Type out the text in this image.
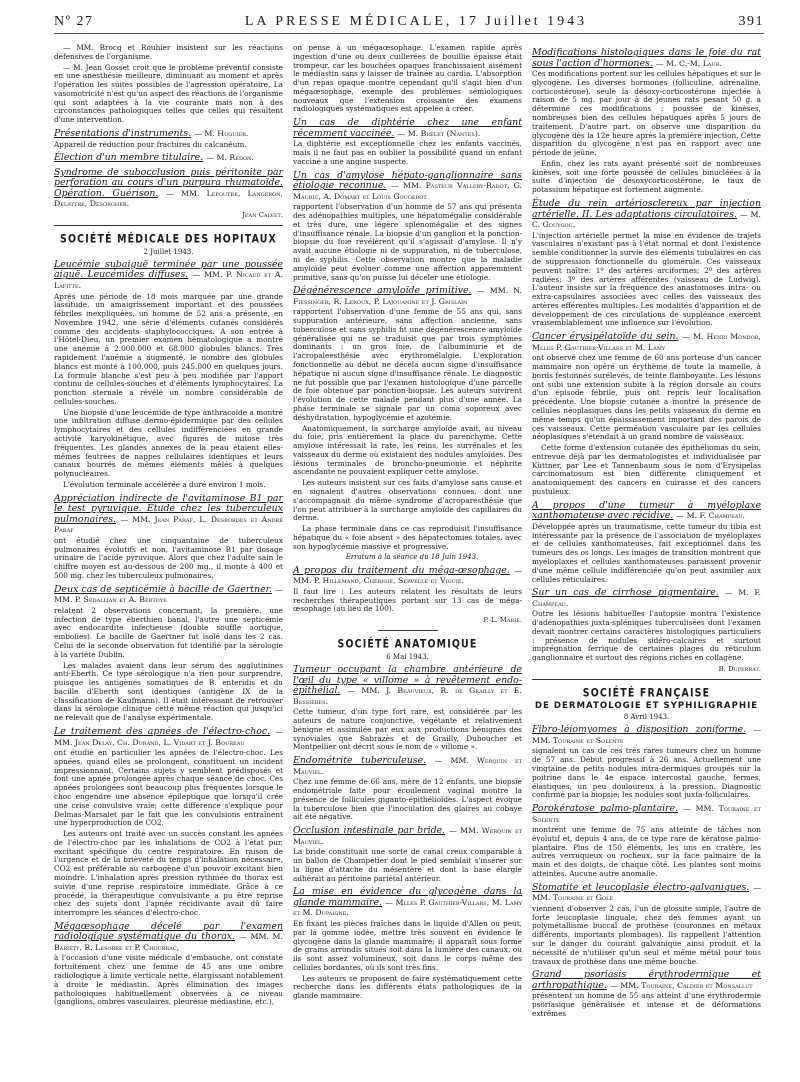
Nº 27	LA PRESSE MÉDICALE, 17 Juillet 1943	391

— MM. Brocq et Rouhier insistent sur les réactions défensives de l'organisme.

— M. Jean Gosset croit que le problème préventif consiste en une anesthésie meilleure, diminuant au moment et après l'opération les suites possibles de l'agression opératoire. La vasomotricité n'est qu'un aspect des réactions de l'organisme qui sont adaptées à la vie courante mais non à des circonstances pathologiques telles que celles qui résultent d'une intervention.

Présentations d'instruments. — M. Huguier.

Appareil de réduction pour fractures du calcanéum.

Élection d'un membre titulaire. — M. Redon.

Syndrome de subocclusion puis péritonite par perforation au cours d'un purpura rhumatoïde. Opération. Guérison. — MM. Lepoutre, Langeron, Delattre, Desorgher.

Jean Calvet.

SOCIÉTÉ MÉDICALE DES HOPITAUX
2 Juillet 1943.

Leucémie subaiguë terminée par une poussée aiguë. Leucémides diffuses. — MM. P. Nicaud et A. Lafitte.

Après une période de 18 mois marquée par une grande lassitude, un amaigrissement important et des poussées fébriles inexpliquées, un homme de 52 ans a présenté, en Novembre 1942, une série d'éléments cutanés considérés comme des accidents staphylococciques. A son entrée à l'Hôtel-Dieu, un premier examen hématologique a montré une anémie à 2.000.000 et 68.000 globules blancs. Très rapidement l'anémie a augmenté, le nombre des globules blancs est monté à 100.000, puis 245.000 en quelques jours. La formule blanche s'est peu à peu modifiée par l'apport continu de cellules-souches et d'éléments lymphocytaires. La ponction sternale a révélé un nombre considérable de cellules-souches.

Une biopsie d'une leucémide de type anthracoïde a montré une infiltration diffuse dermo-épidermique par des cellules lymphocytaires et des cellules indifférenciées en grande activité karyokinétique, avec figures de mitose très fréquentes. Les glandes annexes de la peau étaient elles-mêmes feutrées de nappes cellulaires identiques et leurs canaux bourrés de mêmes éléments mêlés à quelques polynucléaires.

L'évolution terminale accélérée a duré environ 1 mois.

Appréciation indirecte de l'avitaminose B1 par le test pyruvique. Étude chez les tuberculeux pulmonaires. — MM. Jean Paraf, L. Desbordes et André Paraf

ont étudié chez une cinquantaine de tuberculeux pulmonaires évolutifs et non, l'avitaminose B1 par dosage urinaire de l'acide pyruvique. Alors que chez l'adulte sain le chiffre moyen est au-dessous de 200 mg., il monte à 400 et 500 mg. chez les tuberculeux pulmonaires.

Deux cas de septicémie à bacille de Gaertner. — MM. P. Sédallian et A. Bertoye

relatent 2 observations concernant, la première, une infection de type éberthien banal, l'autre une septicémie avec endocardite infectieuse (double souffle aortique, embolies). Le bacille de Gaertner fut isolé dans les 2 cas. Celui de la seconde observation fut identifié par la sérologie à la variété Dublin.

Les malades avaient dans leur sérum des agglutinines anti-Eberth. Ce type sérologique n'a rien pour surprendre, puisque les antigènes somatiques de B. enteridis et du bacille d'Eberth sont identiques (antigène IX de la classification de Kaufmann). Il était intéressant de retrouver dans la sérologie clinique cette même réaction qui jusqu'ici ne relevait que de l'analyse expérimentale.

Le traitement des apnées de l'électro-choc. — MM. Jean Delay, Ch. Durand, L. Vidart et J. Boureau

ont étudié en particulier les apnées de l'électro-choc. Les apnées, quand elles se prolongent, constituent un incident impressionnant. Certains sujets y semblent prédisposés et font une apnée prolongée après chaque séance de choc. Ces apnées prolongées sont beaucoup plus fréquentes lorsque le choc engendre une absence épileptique que lorsqu'il crée une crise convulsive vraie; cette différence s'explique pour Delmas-Marsalet par le fait que les convulsions entraînent une hyperproduction de CO2.

Les auteurs ont traité avec un succès constant les apnées de l'électro-choc par les inhalations de CO2 à l'état pur, excitant spécifique du centre respiratoire. En raison de l'urgence et de la brièveté du temps d'inhalation nécessaire, CO2 est préférable au carbogène d'un pouvoir excitant bien moindre. L'inhalation après pression rythmée du thorax est suivie d'une reprise respiratoire immédiate. Grâce à ce procédé, la thérapeutique convulsivante a pu être reprise chez des sujets dont l'apnée récidivante avait dû faire interrompre les séances d'électro-choc.

Mégaœsophage décelé par l'examen radiologique systématique du thorax. — MM. M. Bariéty, R. Lesobre et P. Choubrac,

à l'occasion d'une visite médicale d'embauche, ont constaté fortuitement chez une femme de 45 ans une ombre radiologique à limite verticale nette, élargissant notablement à droite le médiastin. Après élimination des images pathologiques habituellement observées à ce niveau (ganglions, ombres vasculaires, pleurésie médiastine, etc.),

on pense à un mégaœsophage. L'examen rapide après ingestion d'une ou deux cuillerées de bouillie épaisse était trompeur, car les bouchées opaques franchissaient aisément le médiastin sans y laisser de traînée au cardia. L'absorption d'un repas opaque montre cependant qu'il s'agit bien d'un mégaœsophage, exemple des problèmes sémiologiques nouveaux que l'extension croissante des examens radiologiques systématiques est appelée à créer.

Un cas de diphtérie chez une enfant récemment vaccinée. — M. Brelet (Nantes).

La diphtérie est exceptionnelle chez les enfants vaccinés, mais il ne faut pas en oublier la possibilité quand un enfant vacciné a une angine suspecte.

Un cas d'amylose hépato-ganglionnaire sans étiologie reconnue. — MM. Pasteur Vallery-Radot, G. Mauric, A. Domart et Louis Gougerot

rapportent l'observation d'un homme de 57 ans qui présenta des adénopathies multiples, une hépatomégalie considérable et très dure, une légère splénomégalie et des signes d'insuffisance rénale. La biopsie d'un ganglion et la ponction-biopsie du foie révélèrent qu'il s'agissait d'amylose. Il n'y avait aucune étiologie ni de suppuration, ni de tuberculose, ni de syphilis. Cette observation montre que la maladie amyloïde peut évoluer comme une affection apparemment primitive, sans qu'on puisse lui déceler une étiologie.

Dégénérescence amyloïde primitive. — MM. N. Fiessinger, R. Leroux, P. Lajouanine et J. Grislain

rapportent l'observation d'une femme de 55 ans qui, sans suppuration antérieure, sans affection ancienne, sans tuberculose et sans syphilis fit une dégénérescence amyloïde généralisée qui ne se traduisit que par trois symptômes dominants : un gros foie, de l'albuminurie et de l'acropaleesthésie avec érythromélalgie. L'exploration fonctionnelle au début ne décela aucun signe d'insuffisance hépatique ni aucun signe d'insuffisance rénale. Le diagnostic ne fut possible que par l'examen histologique d'une parcelle de foie obtenue par ponction-biopsie. Les auteurs suivirent l'évolution de cette malade pendant plus d'une année. La phase terminale se signale par un coma soporeux avec déshydratation, hypoglycémie et azotémie.

Anatomiquement, la surcharge amyloïde avait, au niveau du foie, pris entièrement la place du parenchyme. Cette amylose intéressait la rate, les reins, les surrénales et les vaisseaux du derme où existaient des nodules amyloïdes. Des lésions terminales de broncho-pneumonie et néphrite ascendante ne pouvaient expliquer cette amylose.

Les auteurs insistent sur ces faits d'amylose sans cause et en signalent d'autres observations connues, dont une s'accompagnait du même syndrome d'acroparesthésie que l'on peut attribuer à la surcharge amyloïde des capillaires du derme.

La phase terminale dans ce cas reproduisit l'insuffisance hépatique du « foie absent » des hépatectomies totales, avec son hypoglycémie massive et progressive.

Erratum à la séance du 18 Juin 1943.

A propos du traitement du méga-œsophage. — MM. P. Hillemand, Chérigié, Servelle et Viguié.

Il faut lire : Les auteurs relatent les résultats de leurs recherches thérapeutiques portant sur 13 cas de méga-œsophage (au lieu de 100).

P.-L. Marie.

SOCIÉTÉ ANATOMIQUE
6 Mai 1943.

Tumeur occupant la chambre antérieure de l'œil du type « villome » à revêtement endo-épithélial. — MM. J. Beauvieux, R. de Grailly et E. Bessières.

Cette tumeur, d'un type fort rare, est considérée par les auteurs de nature conjonctive, végétante et relativement bénigne et assimilée par eux aux productions bénignes des synoviales que Sabrazès et de Grailly, Duboucher et Montpellier ont décrit sous le nom de « villome ».

Endométrite tuberculeuse. — MM. Werquin et Mauviel.

Chez une femme de 66 ans, mère de 12 enfants, une biopsie endométriale faite pour écoulement vaginal montre la présence de follicules giganto-épithélioïdes. L'aspect évoque la tuberculose bien que l'inoculation des glaires au cobaye ait été négative.

Occlusion intestinale par bride. — MM. Werquin et Mauviel.

La bride constituait une sorte de canal creux comparable à un ballon de Champetier dont le pied semblait s'insérer sur la ligne d'attache du mésentère et dont la base élargie adhérait au péritoine pariétal antérieur.

La mise en évidence du glycogène dans la glande mammaire. — Mlles P. Gauthier-Villars, M. Lamy et M. Dupaigne.

En fixant les pièces fraîches dans le liquide d'Allen ou peut, par la gomme iodée, mettre très souvent en évidence le glycogène dans la glande mammaire; il apparaît sous forme de grains arrondis situés soit dans la lumière des canaux, où ils sont assez volumineux, soit dans le corps même des cellules bordantes, où ils sont très fins.

Les auteurs se proposent de faire systématiquement cette recherche dans les différents états pathologiques de la glande mammaire.

Modifications histologiques dans le foie du rat sous l'action d'hormones. — M. C.-M. Laur.

Ces modifications portent sur les cellules hépatiques et sur le glycogène. Les diverses hormones (folliculine, adrénaline, corticostérone), seule la désoxy-corticostérone injectée à raison de 5 mg. par jour à de jeunes rats pesant 50 g. a déterminé ces modifications : poussée de kinèses, nombreuses bien des cellules hépatiques après 5 jours de traitement. D'autre part, on observe une disparition du glycogène dès la 12e heure après la première injection. Cette disparition du glycogène n'est pas en rapport avec une période de jeûne.

Enfin, chez les rats ayant présenté soit de nombreuses kinèses, soit une forte poussée de cellules binucléées à la suite d'injection de désoxycorticostérone, le taux de potassium hépatique est fortement augmenté.

Étude du rein artériosclereux par injection artérielle. II. Les adaptations circulatoires. — M. C. Gouygou.

L'injection artérielle permet la mise en évidence de trajets vasculaires n'existant pas à l'état normal et dont l'existence semble conditionner la survie des éléments tubulaires en cas de suppression fonctionnelle du glomérule. Ces vaisseaux peuvent naître: 1º des artères arciformes; 2º des artères radiées; 3º des artères afférentes (vaisseau de Ludwig). L'auteur insiste sur la fréquence des anastomoses intra- ou extra-capsulaires associées avec celles des vaisseaux des artères efférentes multiples. Les modalités d'apparition et de développement de ces circulations de suppléance exercent vraisemblablement une influence sur l'évolution.

Cancer érysipélatoïde du sein. — M. Henri Mondor, Mlles P. Gauthier-Villars et M. Lamy

ont observé chez une femme de 60 ans porteuse d'un cancer mammaire non opéré un érythème de toute la mamelle, à bords festonnés surélevés, de teinte flamboyante. Les lésions ont subi une extension subite à la région dorsale au cours d'un épisode fébrile, puis ont repris leur localisation précédente. Une biopsie cutanée a montré la présence de cellules néoplasiques dans les petits vaisseaux du derme en même temps qu'un épaississement important des parois de ces vaisseaux. Cette perméation vasculaire par les cellules néoplasiques s'étendait à un grand nombre de vaisseaux.

Cette forme d'extension cutanée des épithéliomas du sein, entrevue déjà par les dermatologistes et individualisée par Küttner, par Lee et Tannenbaum sous le nom d'Erysipelas carcinomatosum est bien différente cliniquement et anatomiquement des cancers en cuirasse et des cancers pustuleux.

A propos d'une tumeur à myéloplaxe xanthomateuse avec récidive. — M. F. Champeau.

Développée après un traumatisme, cette tumeur du tibia est intéressante par la présence de l'association de myéloplaxes et de cellules xanthomateuses, fait exceptionnel dans les tumeurs des os longs. Les images de transition montrent que myéloplaxes et cellules xanthomateuses paraissent provenir d'une même cellule indifférenciée qu'on peut assimiler aux cellules réticulaires.

Sur un cas de cirrhose pigmentaire. — M. F. Champeau.

Outre les lésions habituelles l'autopsie montra l'existence d'adénopathies juxta-spléniques tuberculisées dont l'examen devait montrer certains caractères histologiques particuliers : présence de nodules sidéro-calcaires et surtout imprégnation ferrique de certaines plages du réticulum ganglionnaire et surtout des régions riches en collagène.

B. Duperrat.

SOCIÉTÉ FRANÇAISE
DE DERMATOLOGIE ET SYPHILIGRAPHIE
8 Avril 1943.

Fibro-léiomyomes à disposition zoniforme. — MM. Touraine et Solente

signalent un cas de ces très rares tumeurs chez un homme de 57 ans. Début progressif à 26 ans. Actuellement une vingtaine de petits nodules intra-dermiques groupés sur la poitrine dans le 4e espace intercostal gauche, fermes, élastiques, un peu douloureux à la pression. Diagnostic confirmé par la biopsie; les nodules sont juxta-folliculaires.

Porokératose palmo-plantaire. — MM. Touraine et Solente

montrent une femme de 75 ans atteinte de tâches non évolutif et, depuis 4 ans, de ce type rare de kératose palmo-plantaire. Plus de 150 éléments, les uns en cratère, les autres verruqueux ou rocheux, sur la face palmaire de la main et des doigts, de chaque côté. Les plantes sont moins atteintes. Aucune autre anomalie.

Stomatite et leucoplasie électro-galvaniques. — MM. Touraine et Golé

viennent d'observer 2 cas, l'un de glossite simple, l'autre de forte leucoplasie linguale, chez des femmes ayant un polymétallisme buccal de prothèse (couronnes en métaux différents, importants plombages). Ils rappellent l'attention sur le danger du courant galvanique ainsi produit et la nécessité de n'utiliser qu'un seul et même métal pour tous travaux de prothèse dans une même bouche.

Grand psoriasis érythrodermique et arthropathique. — MM. Touraine, Caldier et Monsallut

présentent un homme de 55 ans atteint d'une érythrodermie psoriasique généralisée et intense et de déformations extrêmes
